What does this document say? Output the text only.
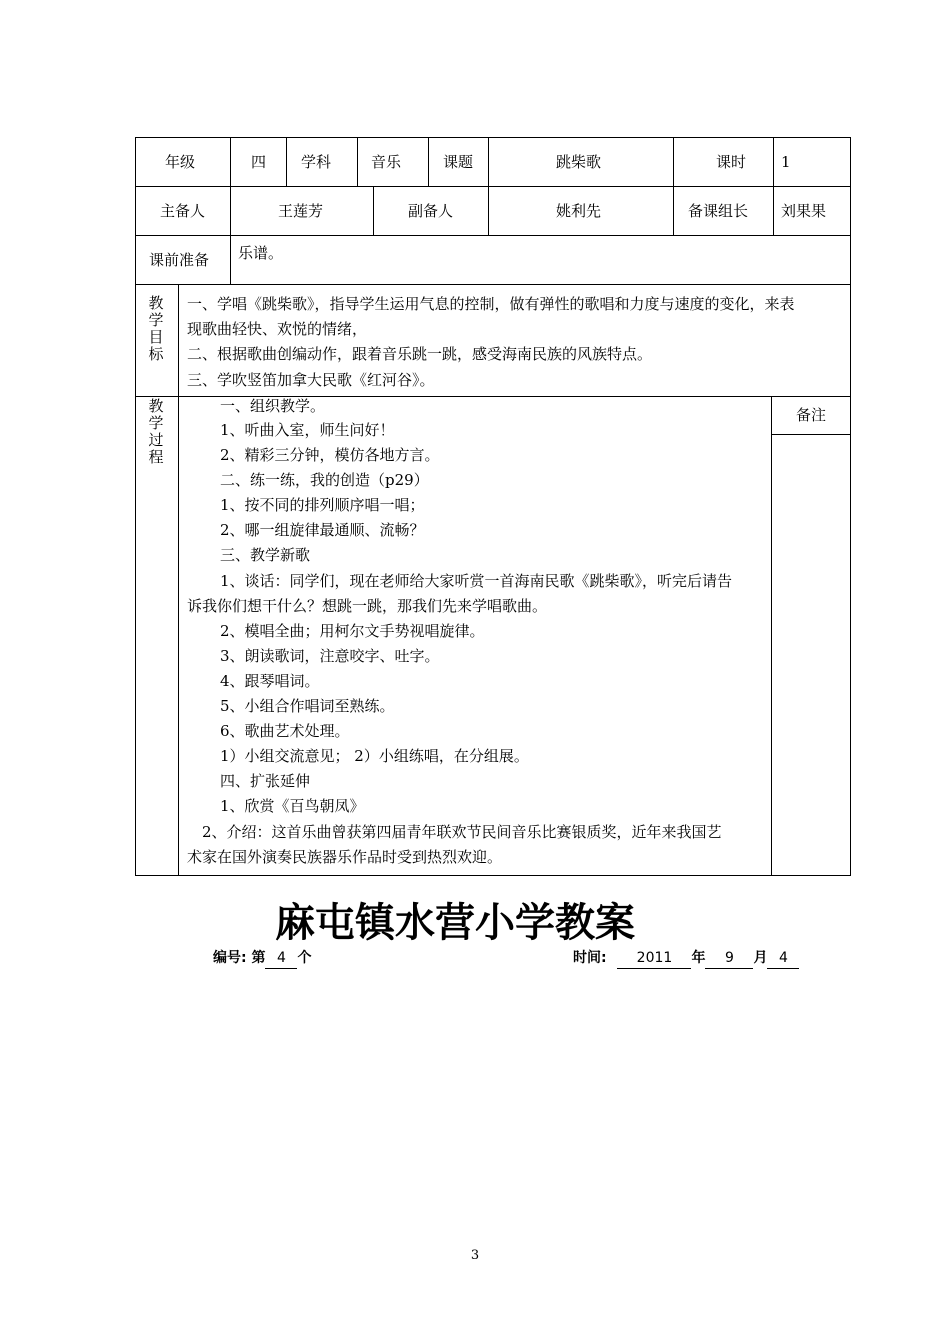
年级	四 学科	音乐	课题	跳柴歌	课时 1
主备人	王莲芳	副备人	姚利先	备课组长 刘果果
课前准备 乐谱。
教学目标
一、学唱《跳柴歌》，指导学生运用气息的控制，做有弹性的歌唱和力度与速度的变化，来表
现歌曲轻快、欢悦的情绪，
二、根据歌曲创编动作，跟着音乐跳一跳，感受海南民族的风族特点。
三、学吹竖笛加拿大民歌《红河谷》。
教学过程
备注
一、组织教学。
1、听曲入室，师生问好！
2、精彩三分钟，模仿各地方言。
二、练一练，我的创造（p29）
1、按不同的排列顺序唱一唱；
2、哪一组旋律最通顺、流畅？
三、教学新歌
1、谈话：同学们，现在老师给大家听赏一首海南民歌《跳柴歌》，听完后请告
诉我你们想干什么？想跳一跳，那我们先来学唱歌曲。
2、模唱全曲；用柯尔文手势视唱旋律。
3、朗读歌词，注意咬字、吐字。
4、跟琴唱词。
5、小组合作唱词至熟练。
6、歌曲艺术处理。
1）小组交流意见； 2）小组练唱，在分组展。
四、扩张延伸
1、欣赏《百鸟朝凤》
2、介绍：这首乐曲曾获第四届青年联欢节民间音乐比赛银质奖，近年来我国艺
术家在国外演奏民族器乐作品时受到热烈欢迎。
麻屯镇水营小学教案
编号: 第 4 个	时间: 2011 年 9 月 4
3
